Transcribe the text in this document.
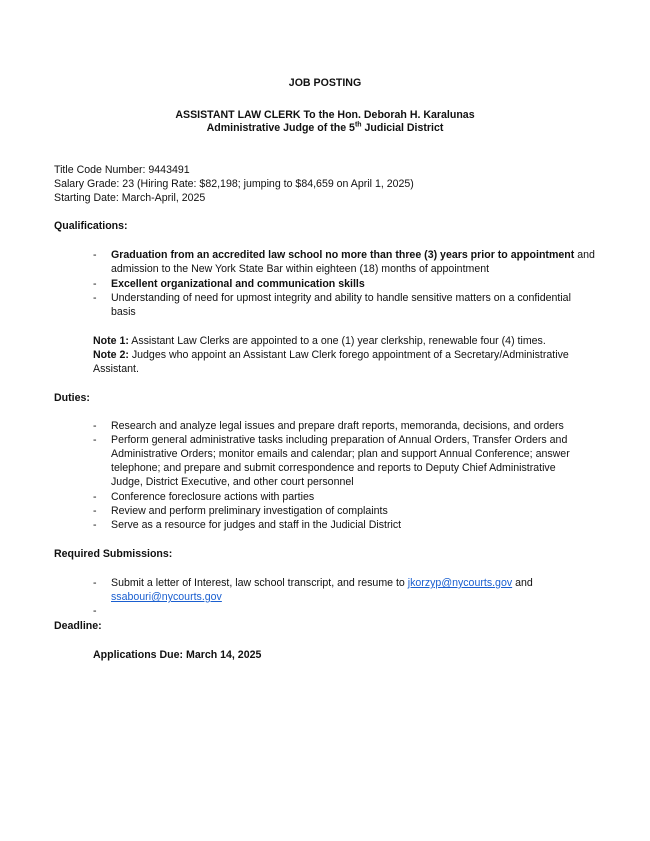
JOB POSTING
ASSISTANT LAW CLERK To the Hon. Deborah H. Karalunas
Administrative Judge of the 5th Judicial District
Title Code Number: 9443491
Salary Grade: 23 (Hiring Rate: $82,198; jumping to $84,659 on April 1, 2025)
Starting Date: March-April, 2025
Qualifications:
- Graduation from an accredited law school no more than three (3) years prior to appointment and
admission to the New York State Bar within eighteen (18) months of appointment
- Excellent organizational and communication skills
- Understanding of need for upmost integrity and ability to handle sensitive matters on a confidential
basis
Note 1: Assistant Law Clerks are appointed to a one (1) year clerkship, renewable four (4) times.
Note 2: Judges who appoint an Assistant Law Clerk forego appointment of a Secretary/Administrative
Assistant.
Duties:
- Research and analyze legal issues and prepare draft reports, memoranda, decisions, and orders
- Perform general administrative tasks including preparation of Annual Orders, Transfer Orders and
Administrative Orders; monitor emails and calendar; plan and support Annual Conference; answer
telephone; and prepare and submit correspondence and reports to Deputy Chief Administrative
Judge, District Executive, and other court personnel
- Conference foreclosure actions with parties
- Review and perform preliminary investigation of complaints
- Serve as a resource for judges and staff in the Judicial District
Required Submissions:
- Submit a letter of Interest, law school transcript, and resume to jkorzyp@nycourts.gov and
ssabouri@nycourts.gov
-
Deadline:
Applications Due: March 14, 2025
